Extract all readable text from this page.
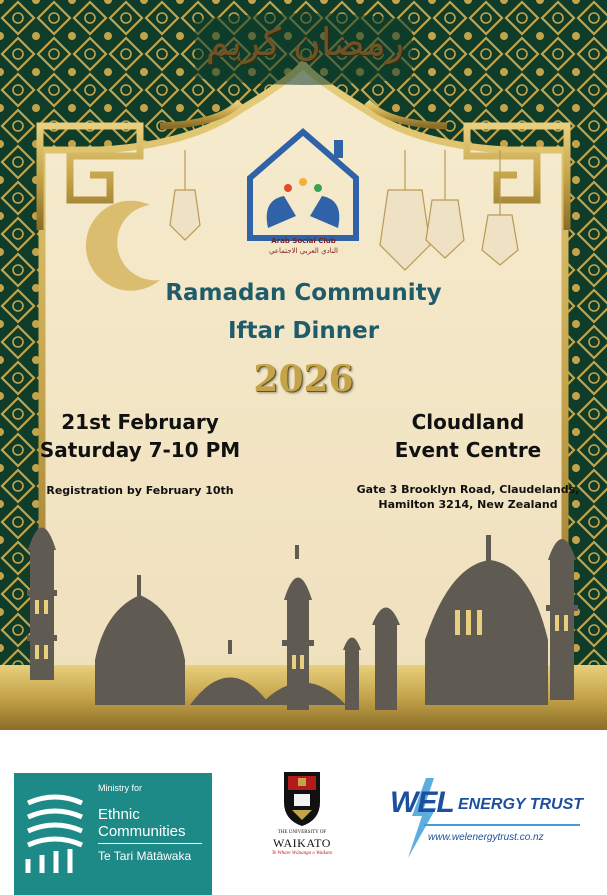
رمضان كريم

Arab Social Club

النادي العربي الاجتماعي

Ramadan Community

Iftar Dinner

2026

21st February

Saturday 7-10 PM

Registration by February 10th

Cloudland

Event Centre

Gate 3 Brooklyn Road, Claudelands,

Hamilton 3214, New Zealand

Ministry for
Ethnic
Communities
Te Tari Mātāwaka
THE UNIVERSITY OF
WAIKATO
Te Whare Wānanga o Waikato
WEL ENERGY TRUST
www.welenergytrust.co.nz
